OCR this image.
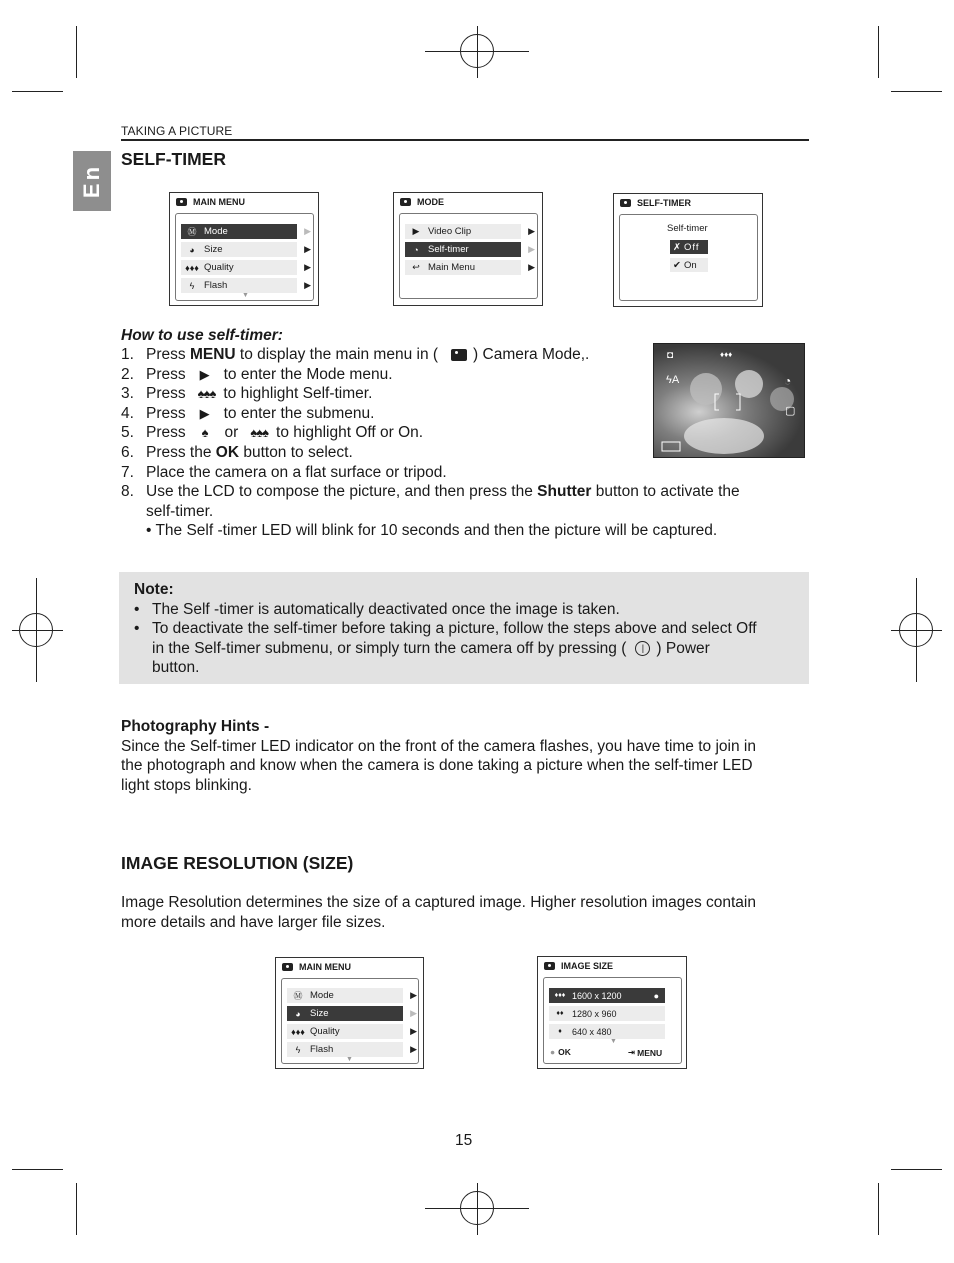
TAKING A PICTURE
En
SELF-TIMER
MAIN MENU
Ⓜ Mode	▶
◕ Size	▶
♦♦♦ Quality	▶
ϟ	Flash	▶
▼
MODE
▶ Video Clip	▶
◔ Self-timer	▶
↩ Main Menu	▶
SELF-TIMER
Self-timer
✗ Off
✔ On
How to use self-timer:
1. Press MENU to display the main menu in ( ) Camera Mode,.
2. Press ▶ to enter the Mode menu.
3. Press ♠♠♠ to highlight Self-timer.
4. Press ▶ to enter the submenu.
5. Press ♠ or ♠♠♠ to highlight Off or On.
6. Press the OK button to select.
7. Place the camera on a flat surface or tripod.
8. Use the LCD to compose the picture, and then press the Shutter button to activate the
self-timer.
• The Self -timer LED will blink for 10 seconds and then the picture will be captured.
◘	♦♦♦
ϟA	◔
▢
Note:
• The Self -timer is automatically deactivated once the image is taken.
• To deactivate the self-timer before taking a picture, follow the steps above and select Off
in the Self-timer submenu, or simply turn the camera off by pressing (	| ) Power
button.
Photography Hints -
Since the Self-timer LED indicator on the front of the camera flashes, you have time to join in
the photograph and know when the camera is done taking a picture when the self-timer LED
light stops blinking.
IMAGE RESOLUTION (SIZE)
Image Resolution determines the size of a captured image. Higher resolution images contain
more details and have larger file sizes.
MAIN MENU
Ⓜ Mode	▶
◕ Size	▶
♦♦♦ Quality	▶
ϟ	Flash	▶
▼
IMAGE SIZE
♦♦♦ 1600 x 1200	●
♦♦ 1280 x 960
♦	640 x 480
▼
● OK	⇥ MENU
15
